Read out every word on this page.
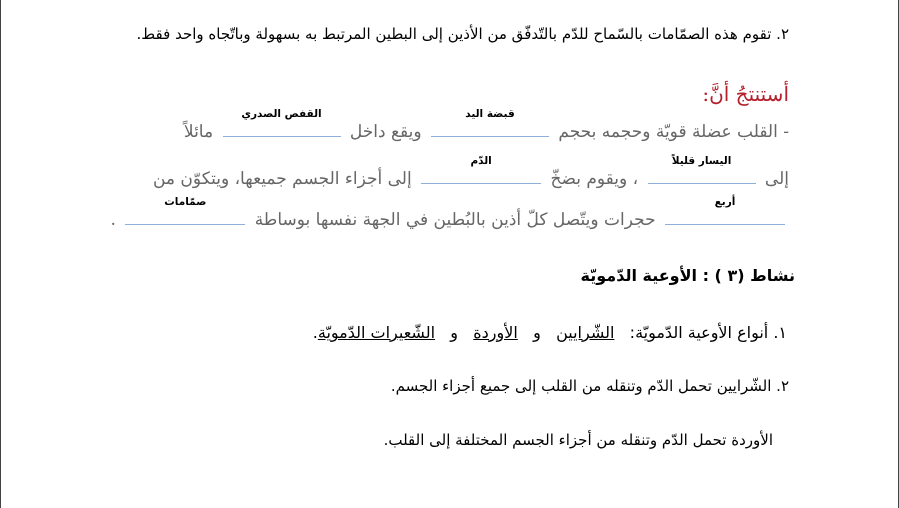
٢. تقوم هذه الصمّامات بالسّماح للدّم بالتّدفّق من الأذين إلى البطين المرتبط به بسهولة وباتّجاه واحد فقط.
أستنتجُ أنَّ:
- القلب عضلة قويّة وحجمه بحجم
قبضة اليد
ويقع داخل
القفص الصدري
مائلاً
إلى
اليسار قليلاً
، ويقوم بضخّ
الدّم
إلى أجزاء الجسم جميعها، ويتكوّن من
أربع
حجرات ويتّصل كلّ أذين بالبُطين في الجهة نفسها بوساطة
صمّامات
.
نشاط (٣ ) : الأوعية الدّمويّة
١. أنواع الأوعية الدّمويّة:   الشّرايين   و   الأوردة   و   الشّعيرات الدّمويّة.
٢. الشّرايين تحمل الدّم وتنقله من القلب إلى جميع أجزاء الجسم.
الأوردة تحمل الدّم وتنقله من أجزاء الجسم المختلفة إلى القلب.
